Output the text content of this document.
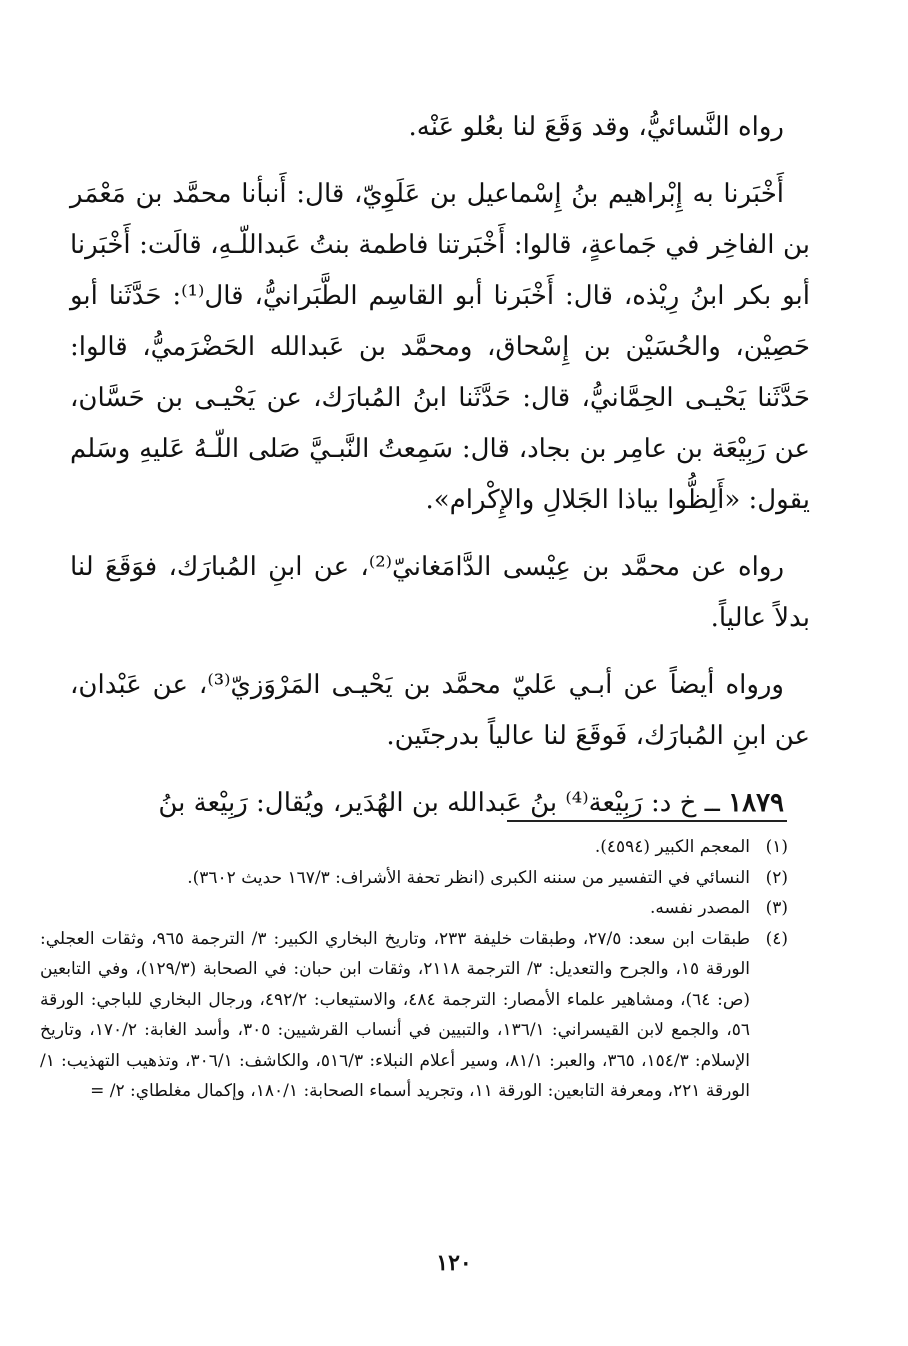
رواه النَّسائيُّ، وقد وَقَعَ لنا بعُلو عَنْه.

أَخْبَرنا به إِبْراهيم بنُ إِسْماعيل بن عَلَوِيّ، قال: أَنبأنا محمَّد بن مَعْمَر بن الفاخِر في جَماعةٍ، قالوا: أَخْبَرتنا فاطمة بنتُ عَبداللّـهِ، قالَت: أَخْبَرنا أبو بكر ابنُ رِيْذه، قال: أَخْبَرنا أبو القاسِم الطَّبَرانيُّ، قال⁽¹⁾: حَدَّثَنا أبو حَصِيْن، والحُسَيْن بن إِسْحاق، ومحمَّد بن عَبدالله الحَضْرَميُّ، قالوا: حَدَّثَنا يَحْيـى الحِمَّانيُّ، قال: حَدَّثَنا ابنُ المُبارَك، عن يَحْيـى بن حَسَّان، عن رَبِيْعَة بن عامِر بن بجاد، قال: سَمِعتُ النَّبـيَّ صَلى اللّـهُ عَليهِ وسَلم يقول: «أَلِظُّوا بياذا الجَلالِ والإِكْرام».

رواه عن محمَّد بن عِيْسى الدَّامَغانيّ⁽²⁾، عن ابنِ المُبارَك، فوَقَعَ لنا بدلاً عالياً.

ورواه أيضاً عن أبـي عَليّ محمَّد بن يَحْيـى المَرْوَزيّ⁽³⁾، عن عَبْدان، عن ابنِ المُبارَك، فَوقَعَ لنا عالياً بدرجتَين.

١٨٧٩ ــ خ د: رَبِيْعة⁽⁴⁾ بنُ عَبدالله بن الهُدَير، ويُقال: رَبِيْعة بنُ

(١)
المعجم الكبير (٤٥٩٤).
(٢)
النسائي في التفسير من سننه الكبرى (انظر تحفة الأشراف: ١٦٧/٣ حديث ٣٦٠٢).
(٣)
المصدر نفسه.
(٤)
طبقات ابن سعد: ٢٧/٥، وطبقات خليفة ٢٣٣، وتاريخ البخاري الكبير: ٣/ الترجمة ٩٦٥، وثقات العجلي: الورقة ١٥، والجرح والتعديل: ٣/ الترجمة ٢١١٨، وثقات ابن حبان: في الصحابة (١٢٩/٣)، وفي التابعين (ص: ٦٤)، ومشاهير علماء الأمصار: الترجمة ٤٨٤، والاستيعاب: ٤٩٢/٢، ورجال البخاري للباجي: الورقة ٥٦، والجمع لابن القيسراني: ١٣٦/١، والتبيين في أنساب القرشيين: ٣٠٥، وأسد الغابة: ١٧٠/٢، وتاريخ الإسلام: ١٥٤/٣، ٣٦٥، والعبر: ٨١/١، وسير أعلام النبلاء: ٥١٦/٣، والكاشف: ٣٠٦/١، وتذهيب التهذيب: ١/ الورقة ٢٢١، ومعرفة التابعين: الورقة ١١، وتجريد أسماء الصحابة: ١٨٠/١، وإكمال مغلطاي: ٢/ =
١٢٠
